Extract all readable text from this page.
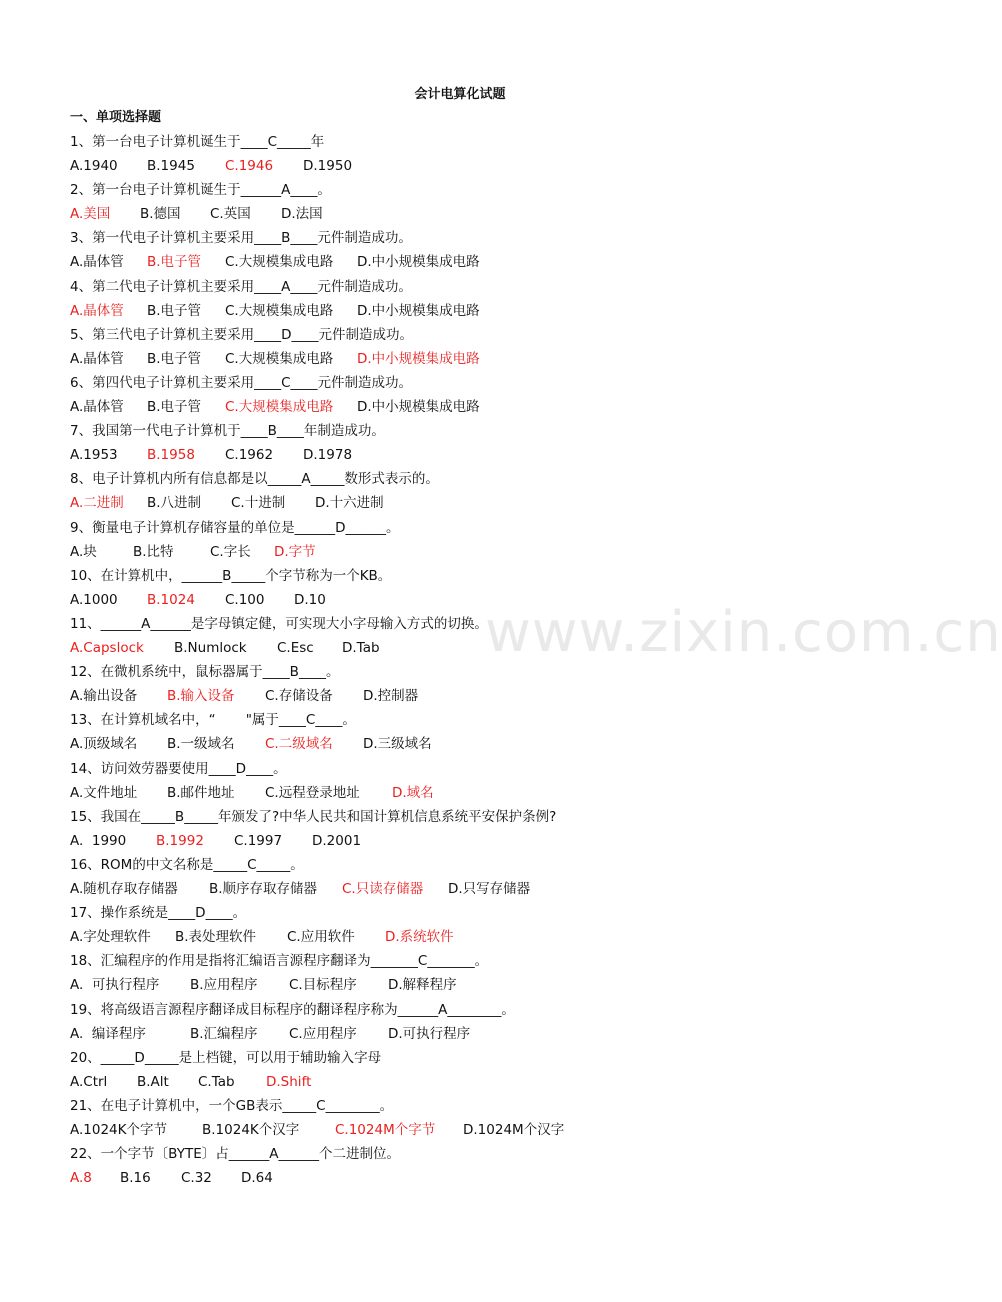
会计电算化试题
一、单项选择题
www.zixin.com.cn
1、第一台电子计算机诞生于____C_____年
A.1940 B.1945 C.1946 D.1950
2、第一台电子计算机诞生于______A____。
A.美国 B.德国 C.英国 D.法国
3、第一代电子计算机主要采用____B____元件制造成功。
A.晶体管 B.电子管 C.大规模集成电路 D.中小规模集成电路
4、第二代电子计算机主要采用____A____元件制造成功。
A.晶体管 B.电子管 C.大规模集成电路 D.中小规模集成电路
5、第三代电子计算机主要采用____D____元件制造成功。
A.晶体管 B.电子管 C.大规模集成电路 D.中小规模集成电路
6、第四代电子计算机主要采用____C____元件制造成功。
A.晶体管 B.电子管 C.大规模集成电路 D.中小规模集成电路
7、我国第一代电子计算机于____B____年制造成功。
A.1953 B.1958 C.1962 D.1978
8、电子计算机内所有信息都是以_____A_____数形式表示的。
A.二进制 B.八进制 C.十进制 D.十六进制
9、衡量电子计算机存储容量的单位是______D______。
A.块	B.比特	C.字长 D.字节
10、在计算机中，______B_____个字节称为一个KB。
A.1000 B.1024 C.100 D.10
11、______A______是字母镇定健，可实现大小字母输入方式的切换。
A.Capslock B.Numlock C.Esc D.Tab
12、在微机系统中，鼠标器属于____B____。
A.输出设备 B.输入设备 C.存储设备 D.控制器
13、在计算机域名中，“       "属于____C____。
A.顶级域名 B.一级域名 C.二级域名 D.三级域名
14、访问效劳器要使用____D____。
A.文件地址 B.邮件地址 C.远程登录地址 D.域名
15、我国在_____B_____年颁发了?中华人民共和国计算机信息系统平安保护条例?
A.  1990 B.1992 C.1997 D.2001
16、ROM的中文名称是_____C_____。
A.随机存取存储器 B.顺序存取存储器 C.只读存储器 D.只写存储器
17、操作系统是____D____。
A.字处理软件 B.表处理软件 C.应用软件 D.系统软件
18、汇编程序的作用是指将汇编语言源程序翻译为_______C_______。
A.  可执行程序 B.应用程序 C.目标程序 D.解释程序
19、将高级语言源程序翻译成目标程序的翻译程序称为______A________。
A.  编译程序	B.汇编程序 C.应用程序 D.可执行程序
20、_____D_____是上档键，可以用于辅助输入字母
A.Ctrl B.Alt C.Tab D.Shift
21、在电子计算机中，一个GB表示_____C________。
A.1024K个字节	B.1024K个汉字	C.1024M个字节 D.1024M个汉字
22、一个字节〔BYTE〕占______A______个二进制位。
A.8 B.16 C.32 D.64
